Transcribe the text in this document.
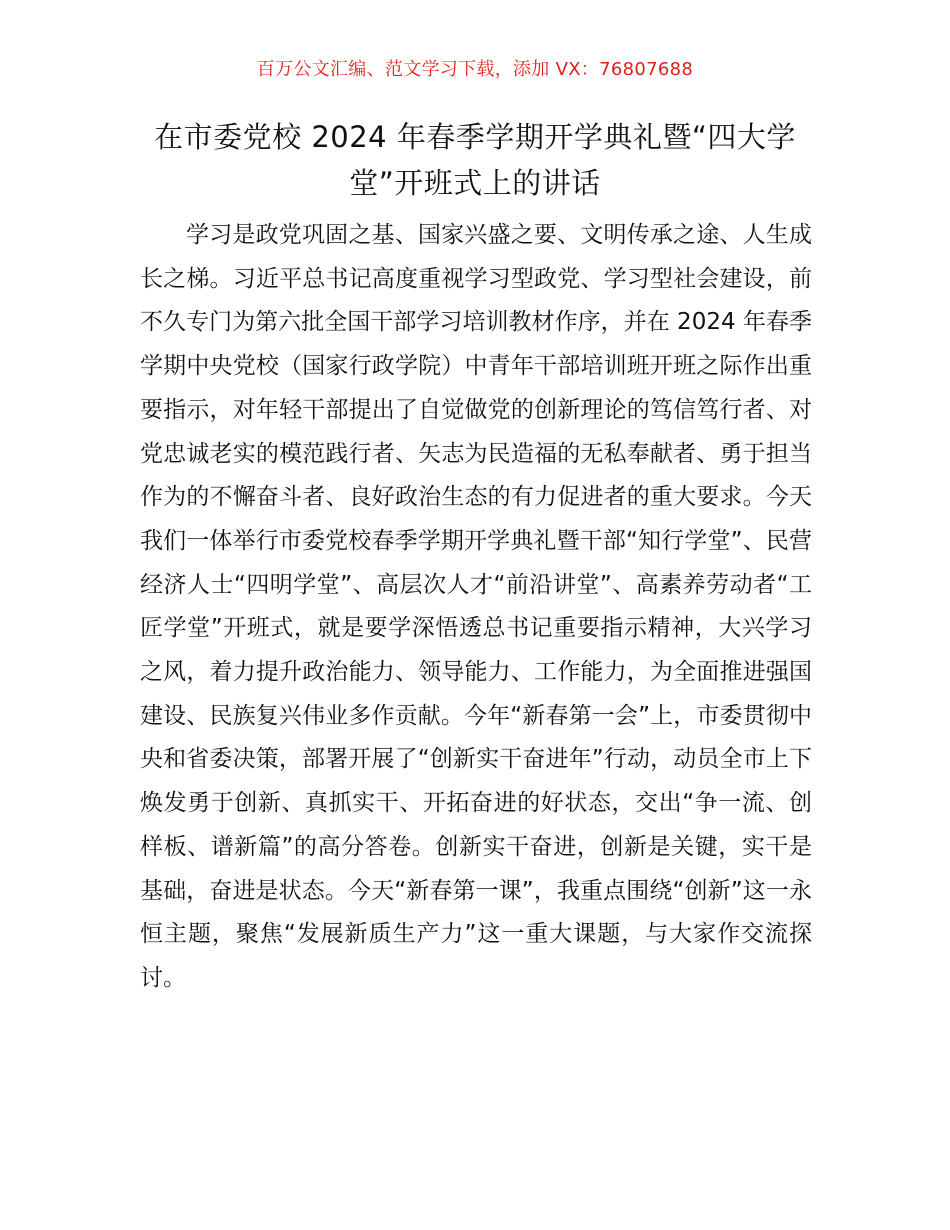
百万公文汇编、范文学习下载，添加 VX：76807688
在市委党校 2024 年春季学期开学典礼暨“四大学堂”开班式上的讲话

学习是政党巩固之基、国家兴盛之要、文明传承之途、人生成长之梯。习近平总书记高度重视学习型政党、学习型社会建设，前不久专门为第六批全国干部学习培训教材作序，并在 2024 年春季学期中央党校（国家行政学院）中青年干部培训班开班之际作出重要指示，对年轻干部提出了自觉做党的创新理论的笃信笃行者、对党忠诚老实的模范践行者、矢志为民造福的无私奉献者、勇于担当作为的不懈奋斗者、良好政治生态的有力促进者的重大要求。今天我们一体举行市委党校春季学期开学典礼暨干部“知行学堂”、民营经济人士“四明学堂”、高层次人才“前沿讲堂”、高素养劳动者“工匠学堂”开班式，就是要学深悟透总书记重要指示精神，大兴学习之风，着力提升政治能力、领导能力、工作能力，为全面推进强国建设、民族复兴伟业多作贡献。今年“新春第一会”上，市委贯彻中央和省委决策，部署开展了“创新实干奋进年”行动，动员全市上下焕发勇于创新、真抓实干、开拓奋进的好状态，交出“争一流、创样板、谱新篇”的高分答卷。创新实干奋进，创新是关键，实干是基础，奋进是状态。今天“新春第一课”，我重点围绕“创新”这一永恒主题，聚焦“发展新质生产力”这一重大课题，与大家作交流探讨。
